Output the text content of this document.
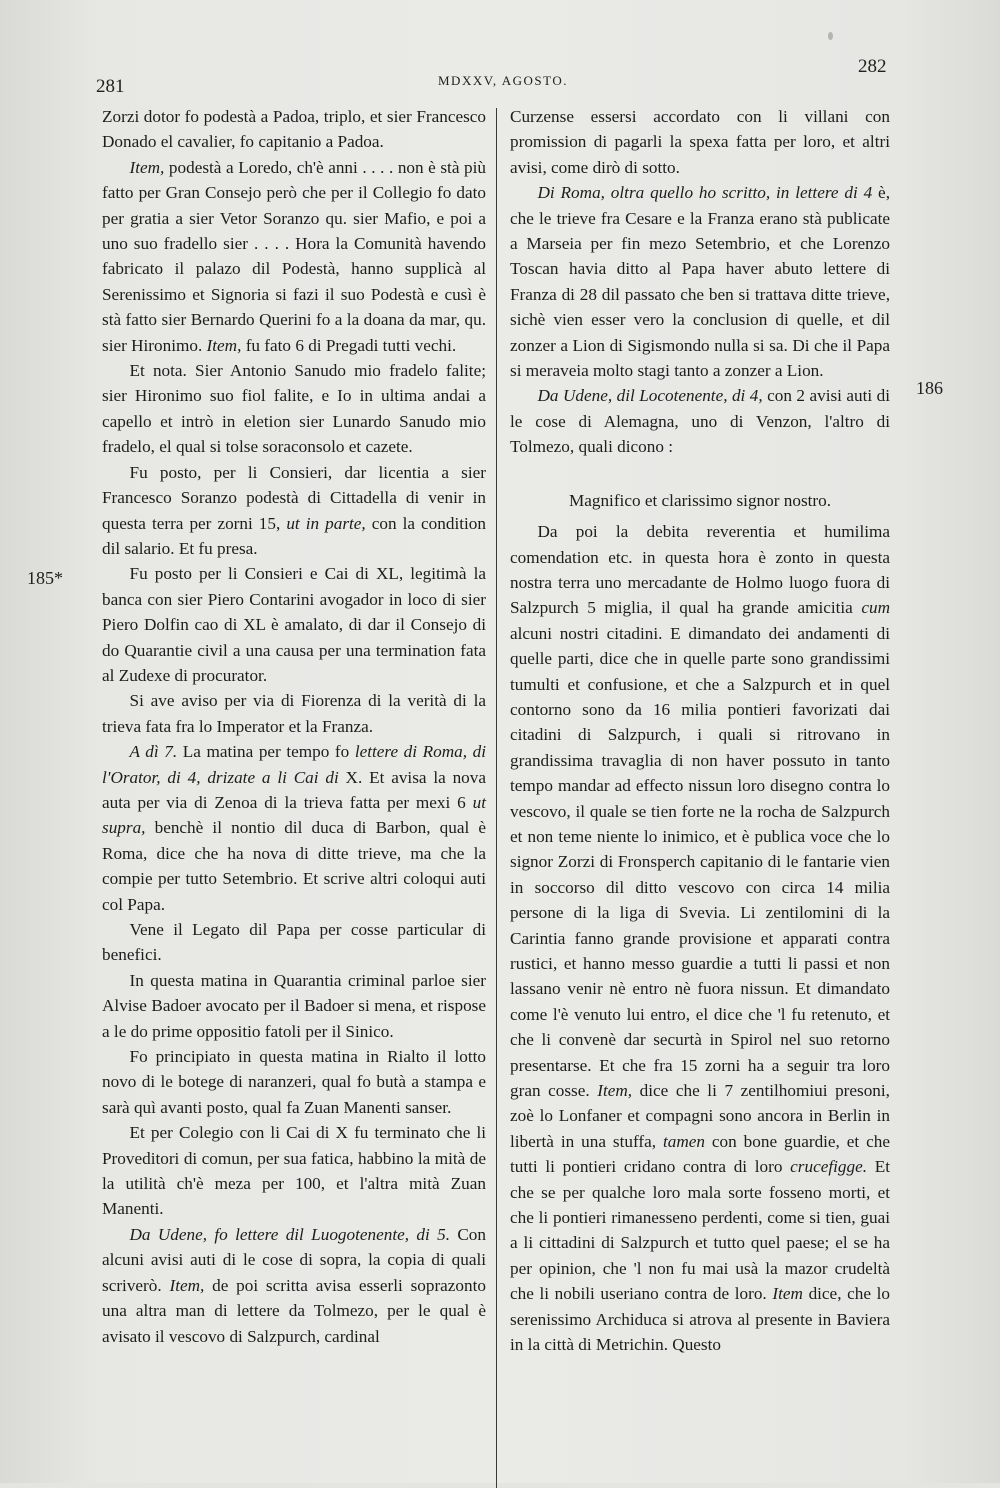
281	MDXXV, AGOSTO.
282
185*
186

Zorzi dotor fo podestà a Padoa, triplo, et sier Francesco Donado el cavalier, fo capitanio a Padoa.

Item, podestà a Loredo, ch'è anni . . . . non è stà più fatto per Gran Consejo però che per il Collegio fo dato per gratia a sier Vetor Soranzo qu. sier Mafio, e poi a uno suo fradello sier . . . . Hora la Comunità havendo fabricato il palazo dil Podestà, hanno supplicà al Serenissimo et Signoria si fazi il suo Podestà e cusì è stà fatto sier Bernardo Querini fo a la doana da mar, qu. sier Hironimo. Item, fu fato 6 di Pregadi tutti vechi.

Et nota. Sier Antonio Sanudo mio fradelo falite; sier Hironimo suo fiol falite, e Io in ultima andai a capello et intrò in eletion sier Lunardo Sanudo mio fradelo, el qual si tolse soraconsolo et cazete.

Fu posto, per li Consieri, dar licentia a sier Francesco Soranzo podestà di Cittadella di venir in questa terra per zorni 15, ut in parte, con la condition dil salario. Et fu presa.

Fu posto per li Consieri e Cai di XL, legitimà la banca con sier Piero Contarini avogador in loco di sier Piero Dolfin cao di XL è amalato, di dar il Consejo di do Quarantie civil a una causa per una termination fata al Zudexe di procurator.

Si ave aviso per via di Fiorenza di la verità di la trieva fata fra lo Imperator et la Franza.

A dì 7. La matina per tempo fo lettere di Roma, di l'Orator, di 4, drizate a li Cai di X. Et avisa la nova auta per via di Zenoa di la trieva fatta per mexi 6 ut supra, benchè il nontio dil duca di Barbon, qual è Roma, dice che ha nova di ditte trieve, ma che la compie per tutto Setembrio. Et scrive altri coloqui auti col Papa.

Vene il Legato dil Papa per cosse particular di benefici.

In questa matina in Quarantia criminal parloe sier Alvise Badoer avocato per il Badoer si mena, et rispose a le do prime oppositio fatoli per il Sinico.

Fo principiato in questa matina in Rialto il lotto novo di le botege di naranzeri, qual fo butà a stampa e sarà quì avanti posto, qual fa Zuan Manenti sanser.

Et per Colegio con li Cai di X fu terminato che li Proveditori di comun, per sua fatica, habbino la mità de la utilità ch'è meza per 100, et l'altra mità Zuan Manenti.

Da Udene, fo lettere dil Luogotenente, di 5. Con alcuni avisi auti di le cose di sopra, la copia di quali scriverò. Item, de poi scritta avisa esserli soprazonto una altra man di lettere da Tolmezo, per le qual è avisato il vescovo di Salzpurch, cardinal

Curzense essersi accordato con li villani con promission di pagarli la spexa fatta per loro, et altri avisi, come dirò di sotto.

Di Roma, oltra quello ho scritto, in lettere di 4 è, che le trieve fra Cesare e la Franza erano stà publicate a Marseia per fin mezo Setembrio, et che Lorenzo Toscan havia ditto al Papa haver abuto lettere di Franza di 28 dil passato che ben si trattava ditte trieve, sichè vien esser vero la conclusion di quelle, et dil zonzer a Lion di Sigismondo nulla si sa. Di che il Papa si meraveia molto stagi tanto a zonzer a Lion.

Da Udene, dil Locotenente, di 4, con 2 avisi auti di le cose di Alemagna, uno di Venzon, l'altro di Tolmezo, quali dicono :

Magnifico et clarissimo signor nostro.

Da poi la debita reverentia et humilima comendation etc. in questa hora è zonto in questa nostra terra uno mercadante de Holmo luogo fuora di Salzpurch 5 miglia, il qual ha grande amicitia cum alcuni nostri citadini. E dimandato dei andamenti di quelle parti, dice che in quelle parte sono grandissimi tumulti et confusione, et che a Salzpurch et in quel contorno sono da 16 milia pontieri favorizati dai citadini di Salzpurch, i quali si ritrovano in grandissima travaglia di non haver possuto in tanto tempo mandar ad effecto nissun loro disegno contra lo vescovo, il quale se tien forte ne la rocha de Salzpurch et non teme niente lo inimico, et è publica voce che lo signor Zorzi di Fronsperch capitanio di le fantarie vien in soccorso dil ditto vescovo con circa 14 milia persone di la liga di Svevia. Li zentilomini di la Carintia fanno grande provisione et apparati contra rustici, et hanno messo guardie a tutti li passi et non lassano venir nè entro nè fuora nissun. Et dimandato come l'è venuto lui entro, el dice che 'l fu retenuto, et che li convenè dar securtà in Spirol nel suo retorno presentarse. Et che fra 15 zorni ha a seguir tra loro gran cosse. Item, dice che li 7 zentilhomiui presoni, zoè lo Lonfaner et compagni sono ancora in Berlin in libertà in una stuffa, tamen con bone guardie, et che tutti li pontieri cridano contra di loro crucefigge. Et che se per qualche loro mala sorte fosseno morti, et che li pontieri rimanesseno perdenti, come si tien, guai a li cittadini di Salzpurch et tutto quel paese; el se ha per opinion, che 'l non fu mai usà la mazor crudeltà che li nobili useriano contra de loro. Item dice, che lo serenissimo Archiduca si atrova al presente in Baviera in la città di Metrichin. Questo
